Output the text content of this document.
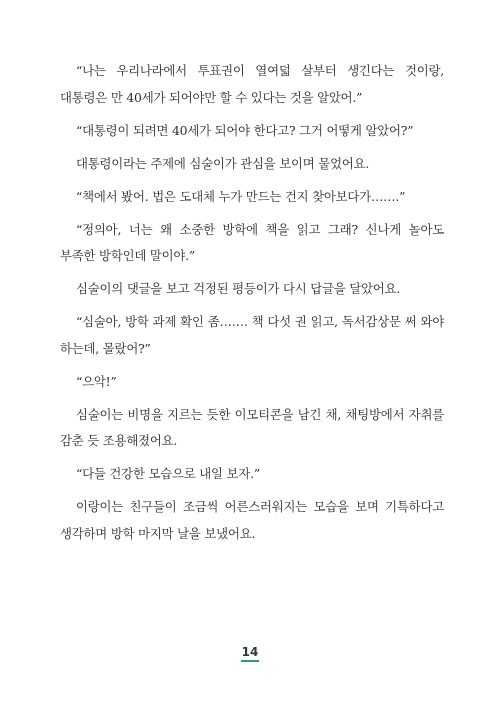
“나는 우리나라에서 투표권이 열여덟 살부터 생긴다는 것이랑, 대통령은 만 40세가 되어야만 할 수 있다는 것을 알았어.”

“대통령이 되려면 40세가 되어야 한다고? 그거 어떻게 알았어?”

대통령이라는 주제에 심술이가 관심을 보이며 물었어요.

“책에서 봤어. 법은 도대체 누가 만드는 건지 찾아보다가…….”

“정의아, 너는 왜 소중한 방학에 책을 읽고 그래? 신나게 놀아도 부족한 방학인데 말이야.”

심술이의 댓글을 보고 걱정된 평등이가 다시 답글을 달았어요.

“심술아, 방학 과제 확인 좀……. 책 다섯 권 읽고, 독서감상문 써 와야 하는데, 몰랐어?”

“으악!”

심술이는 비명을 지르는 듯한 이모티콘을 남긴 채, 채팅방에서 자취를 감춘 듯 조용해졌어요.

“다들 건강한 모습으로 내일 보자.”

이랑이는 친구들이 조금씩 어른스러워지는 모습을 보며 기특하다고 생각하며 방학 마지막 날을 보냈어요.

14
